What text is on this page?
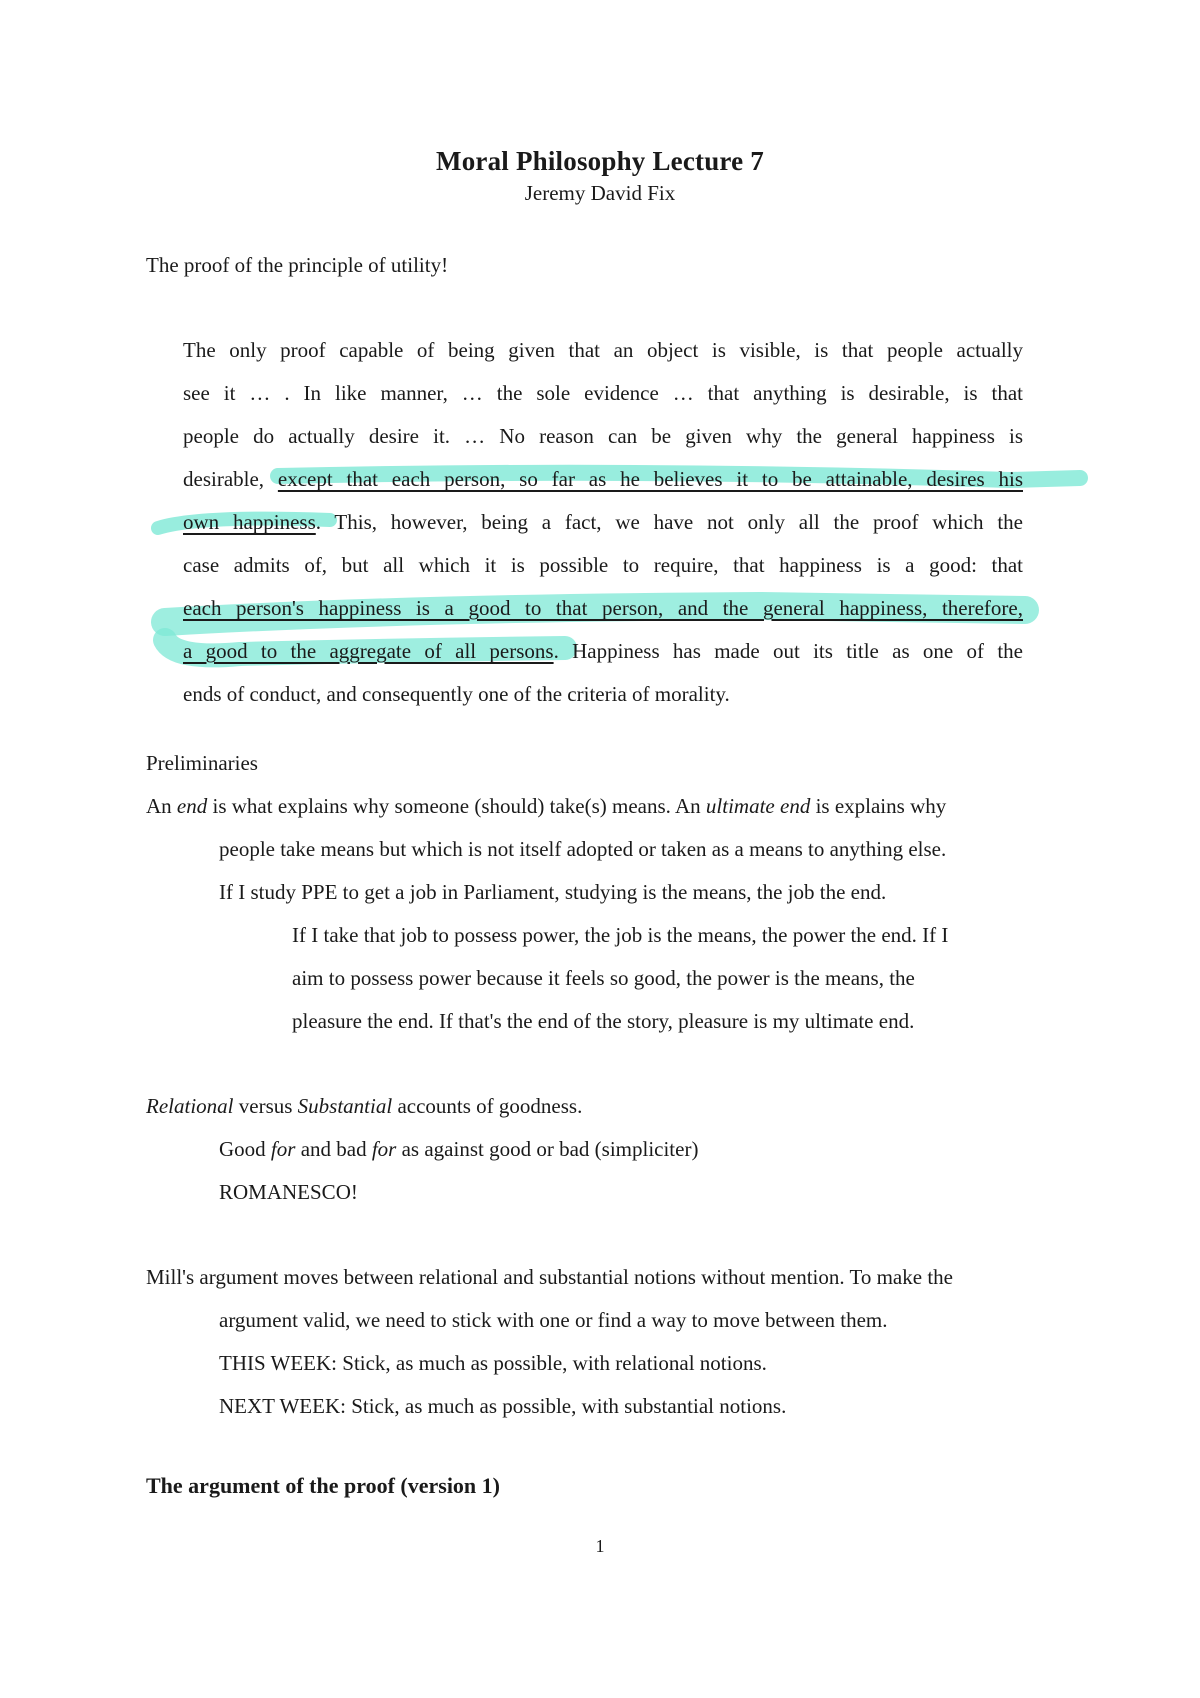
Moral Philosophy Lecture 7
Jeremy David Fix
The proof of the principle of utility!
The only proof capable of being given that an object is visible, is that people actually
see it … . In like manner, … the sole evidence … that anything is desirable, is that
people do actually desire it. … No reason can be given why the general happiness is
desirable, except that each person, so far as he believes it to be attainable, desires his
own happiness. This, however, being a fact, we have not only all the proof which the
case admits of, but all which it is possible to require, that happiness is a good: that
each person's happiness is a good to that person, and the general happiness, therefore,
a good to the aggregate of all persons. Happiness has made out its title as one of the
ends of conduct, and consequently one of the criteria of morality.
Preliminaries
An end is what explains why someone (should) take(s) means. An ultimate end is explains why
people take means but which is not itself adopted or taken as a means to anything else.
If I study PPE to get a job in Parliament, studying is the means, the job the end.
If I take that job to possess power, the job is the means, the power the end. If I
aim to possess power because it feels so good, the power is the means, the
pleasure the end. If that's the end of the story, pleasure is my ultimate end.
Relational versus Substantial accounts of goodness.
Good for and bad for as against good or bad (simpliciter)
ROMANESCO!
Mill's argument moves between relational and substantial notions without mention. To make the
argument valid, we need to stick with one or find a way to move between them.
THIS WEEK: Stick, as much as possible, with relational notions.
NEXT WEEK: Stick, as much as possible, with substantial notions.
The argument of the proof (version 1)
1
